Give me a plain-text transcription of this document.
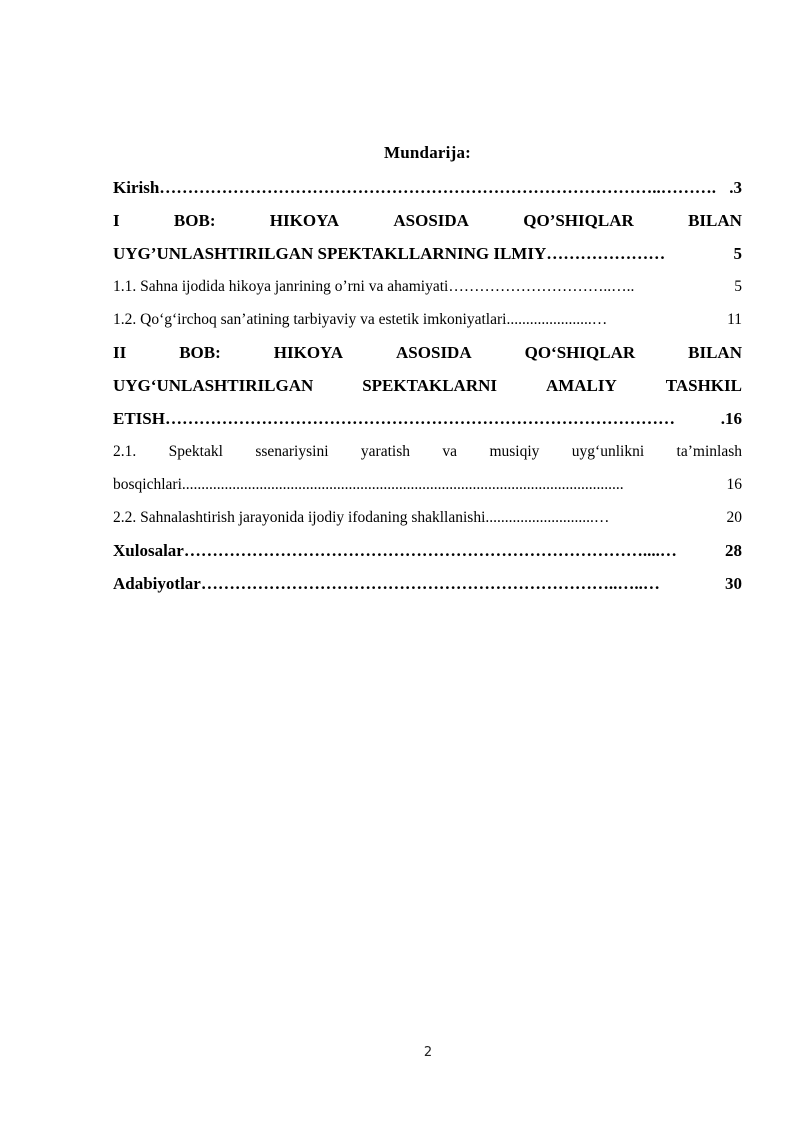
Mundarija:
Kirish ……………………………………………………………………………..………. .3
I	BOB:	HIKOYA	ASOSIDA	QO’SHIQLAR	BILAN
UYG’UNLASHTIRILGAN SPEKTAKLLARNING ILMIY …………………	5
1.1. Sahna ijodida hikoya janrining o’rni va ahamiyati …………………………..…..	5
1.2. Qo‘g‘irchoq san’atining tarbiyaviy va estetik imkoniyatlari ......................…	11
II	BOB:	HIKOYA	ASOSIDA	QO‘SHIQLAR	BILAN
UYG‘UNLASHTIRILGAN	SPEKTAKLARNI	AMALIY	TASHKIL
ETISH ………………………………………………………………………………	.16
2.1. Spektakl ssenariysini yaratish va musiqiy uyg‘unlikni ta’minlash
bosqichlari ..................................................................................................................	16
2.2. Sahnalashtirish jarayonida ijodiy ifodaning shakllanishi ............................…	20
Xulosalar ………………………………………………………………………....…	28
Adabiyotlar ………………………………………………………………..…..…	30
2
